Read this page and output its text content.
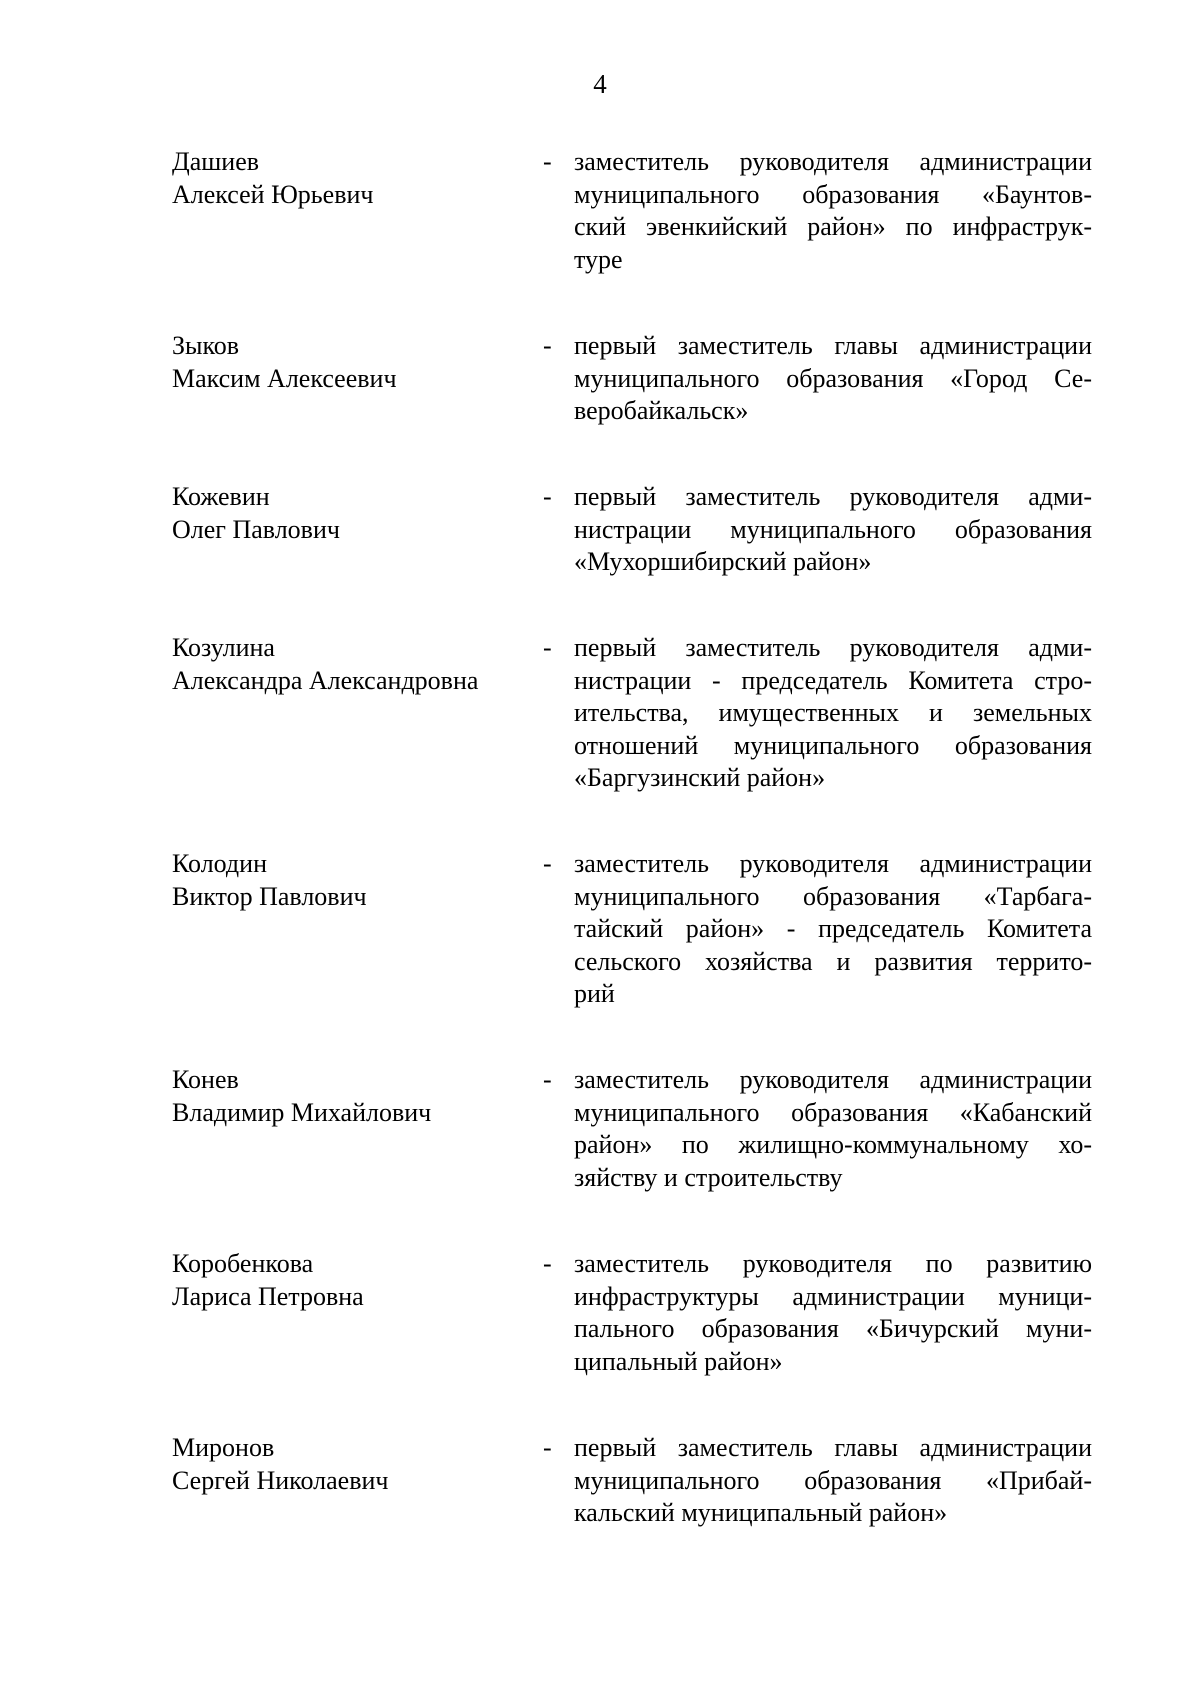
4
Дашиев
Алексей Юрьевич
- заместитель руководителя администрации
муниципального образования «Баунтов-
ский эвенкийский район» по инфраструк-
туре
Зыков
Максим Алексеевич
- первый заместитель главы администрации
муниципального образования «Город Се-
веробайкальск»
Кожевин
Олег Павлович
- первый заместитель руководителя адми-
нистрации муниципального образования
«Мухоршибирский район»
Козулина
Александра Александровна
- первый заместитель руководителя адми-
нистрации - председатель Комитета стро-
ительства, имущественных и земельных
отношений муниципального образования
«Баргузинский район»
Колодин
Виктор Павлович
- заместитель руководителя администрации
муниципального образования «Тарбага-
тайский район» - председатель Комитета
сельского хозяйства и развития террито-
рий
Конев
Владимир Михайлович
- заместитель руководителя администрации
муниципального образования «Кабанский
район» по жилищно-коммунальному хо-
зяйству и строительству
Коробенкова
Лариса Петровна
- заместитель руководителя по развитию
инфраструктуры администрации муници-
пального образования «Бичурский муни-
ципальный район»
Миронов
Сергей Николаевич
- первый заместитель главы администрации
муниципального образования «Прибай-
кальский муниципальный район»
